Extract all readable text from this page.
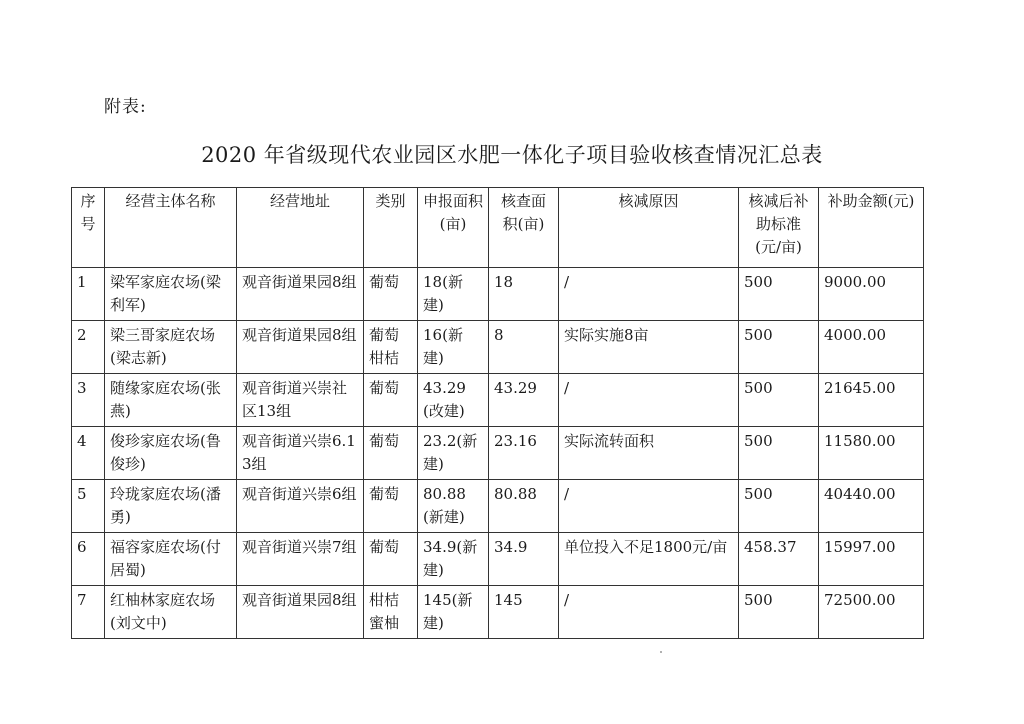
附表:
2020 年省级现代农业园区水肥一体化子项目验收核查情况汇总表
序号	经营主体名称	经营地址	类别	申报面积(亩)	核查面积(亩)	核减原因	核减后补助标准(元/亩)	补助金额(元)
1	梁军家庭农场(梁利军)	观音街道果园8组	葡萄	18(新建)	18	/	500	9000.00
2	梁三哥家庭农场(梁志新)	观音街道果园8组	葡萄柑桔	16(新建)	8	实际实施8亩	500	4000.00
3	随缘家庭农场(张燕)	观音街道兴崇社区13组	葡萄	43.29(改建)	43.29	/	500	21645.00
4	俊珍家庭农场(鲁俊珍)	观音街道兴崇6.13组	葡萄	23.2(新建)	23.16	实际流转面积	500	11580.00
5	玲珑家庭农场(潘勇)	观音街道兴崇6组	葡萄	80.88(新建)	80.88	/	500	40440.00
6	福容家庭农场(付居蜀)	观音街道兴崇7组	葡萄	34.9(新建)	34.9	单位投入不足1800元/亩	458.37	15997.00
7	红柚林家庭农场(刘文中)	观音街道果园8组	柑桔蜜柚	145(新建)	145	/	500	72500.00
